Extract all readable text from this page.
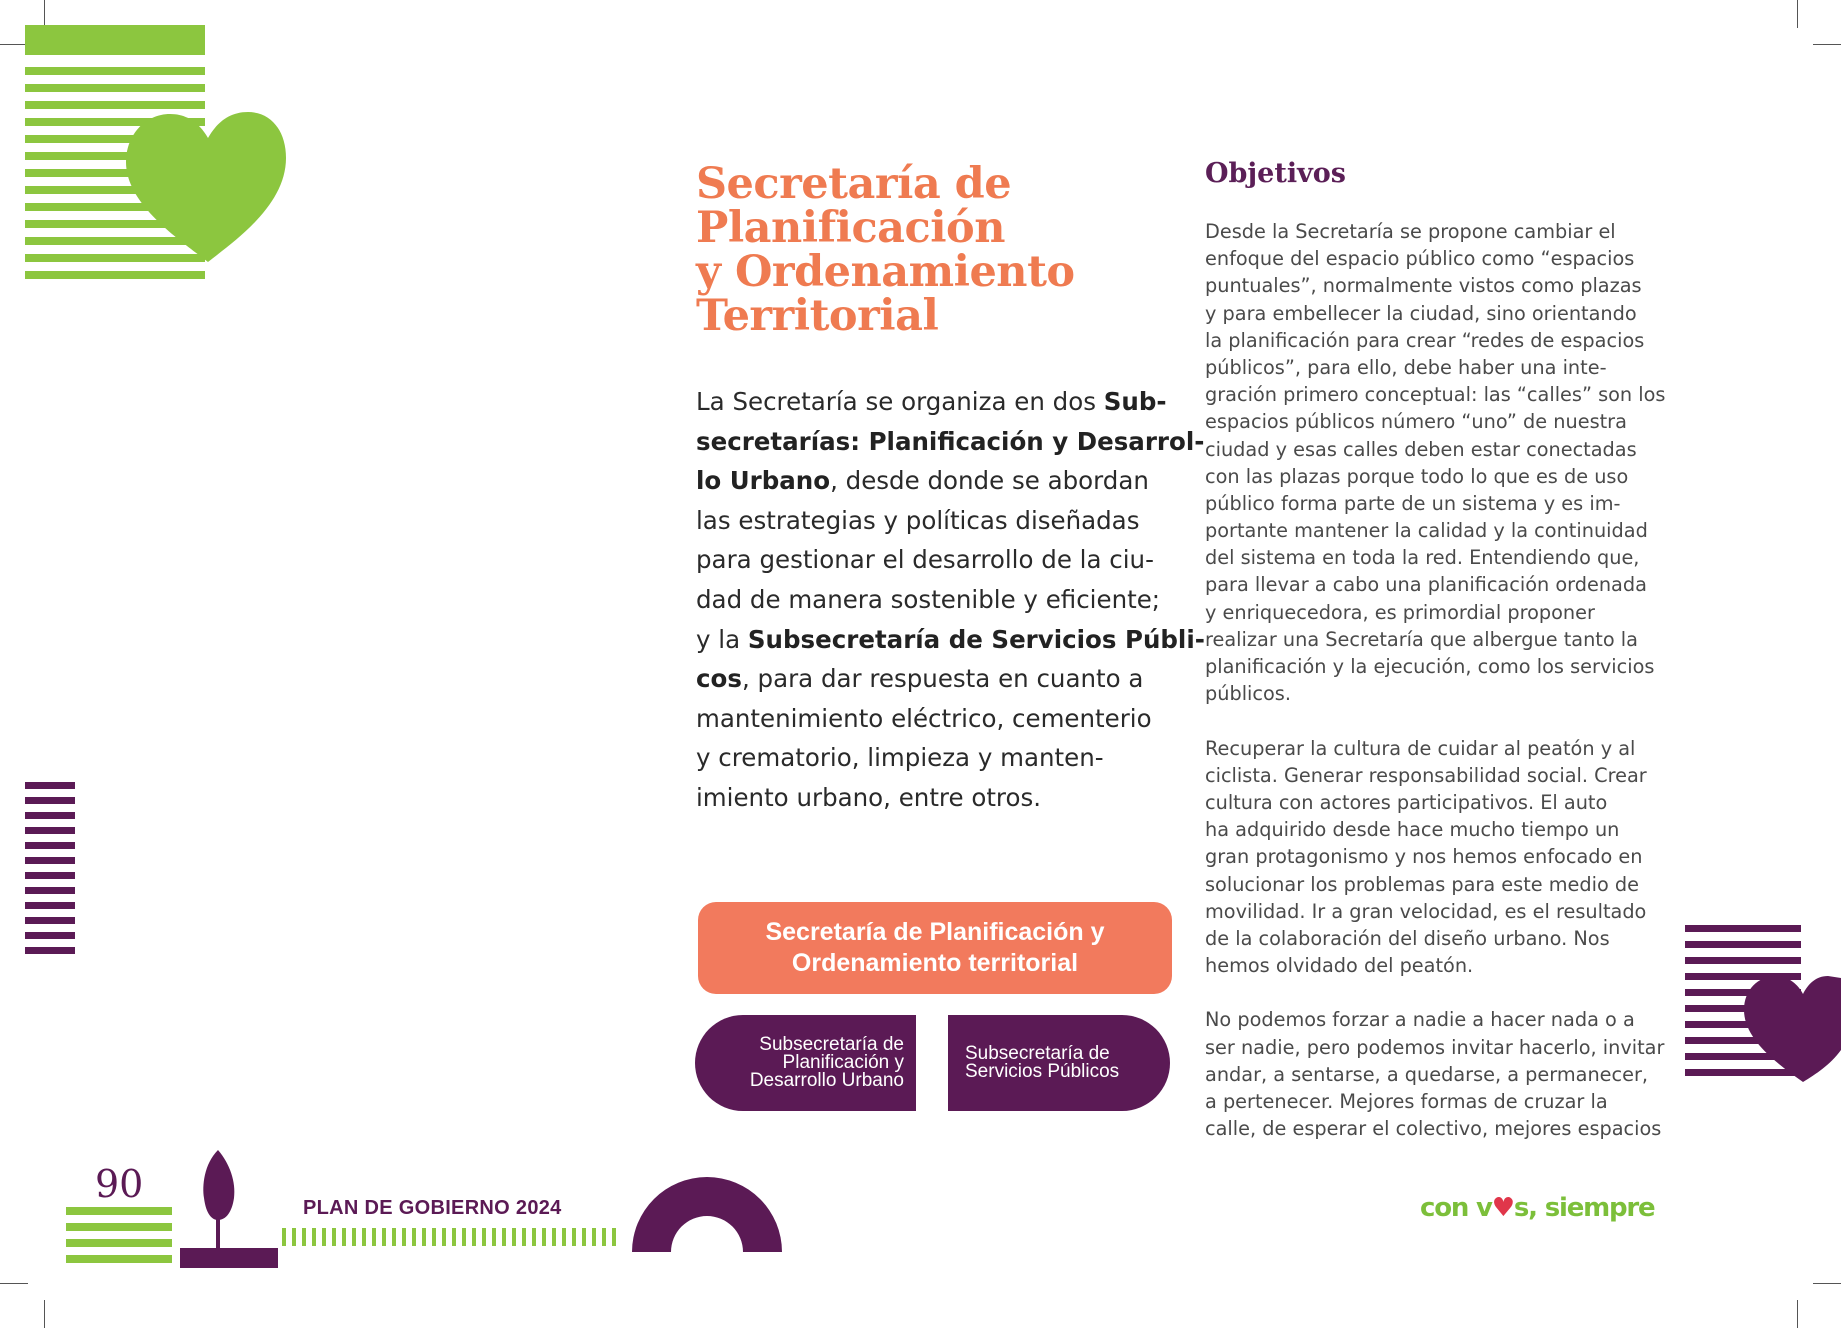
Secretaría de
Planificación
y Ordenamiento
Territorial
La Secretaría se organiza en dos Sub-
secretarías: Planificación y Desarrol-
lo Urbano, desde donde se abordan
las estrategias y políticas diseñadas
para gestionar el desarrollo de la ciu-
dad de manera sostenible y eficiente;
y la Subsecretaría de Servicios Públi-
cos, para dar respuesta en cuanto a
mantenimiento eléctrico, cementerio
y crematorio, limpieza y manten-
imiento urbano, entre otros.
Objetivos
Desde la Secretaría se propone cambiar el
enfoque del espacio público como “espacios
puntuales”, normalmente vistos como plazas
y para embellecer la ciudad, sino orientando
la planificación para crear “redes de espacios
públicos”, para ello, debe haber una inte-
gración primero conceptual: las “calles” son los
espacios públicos número “uno” de nuestra
ciudad y esas calles deben estar conectadas
con las plazas porque todo lo que es de uso
público forma parte de un sistema y es im-
portante mantener la calidad y la continuidad
del sistema en toda la red. Entendiendo que,
para llevar a cabo una planificación ordenada
y enriquecedora, es primordial proponer
realizar una Secretaría que albergue tanto la
planificación y la ejecución, como los servicios
públicos.
Recuperar la cultura de cuidar al peatón y al
ciclista. Generar responsabilidad social. Crear
cultura con actores participativos. El auto
ha adquirido desde hace mucho tiempo un
gran protagonismo y nos hemos enfocado en
solucionar los problemas para este medio de
movilidad. Ir a gran velocidad, es el resultado
de la colaboración del diseño urbano. Nos
hemos olvidado del peatón.
No podemos forzar a nadie a hacer nada o a
ser nadie, pero podemos invitar hacerlo, invitar
andar, a sentarse, a quedarse, a permanecer,
a pertenecer. Mejores formas de cruzar la
calle, de esperar el colectivo, mejores espacios
Secretaría de Planificación y
Ordenamiento territorial
Subsecretaría de
Planificación y
Desarrollo Urbano
Subsecretaría de
Servicios Públicos
90
PLAN DE GOBIERNO 2024	con v♥s, siempre
